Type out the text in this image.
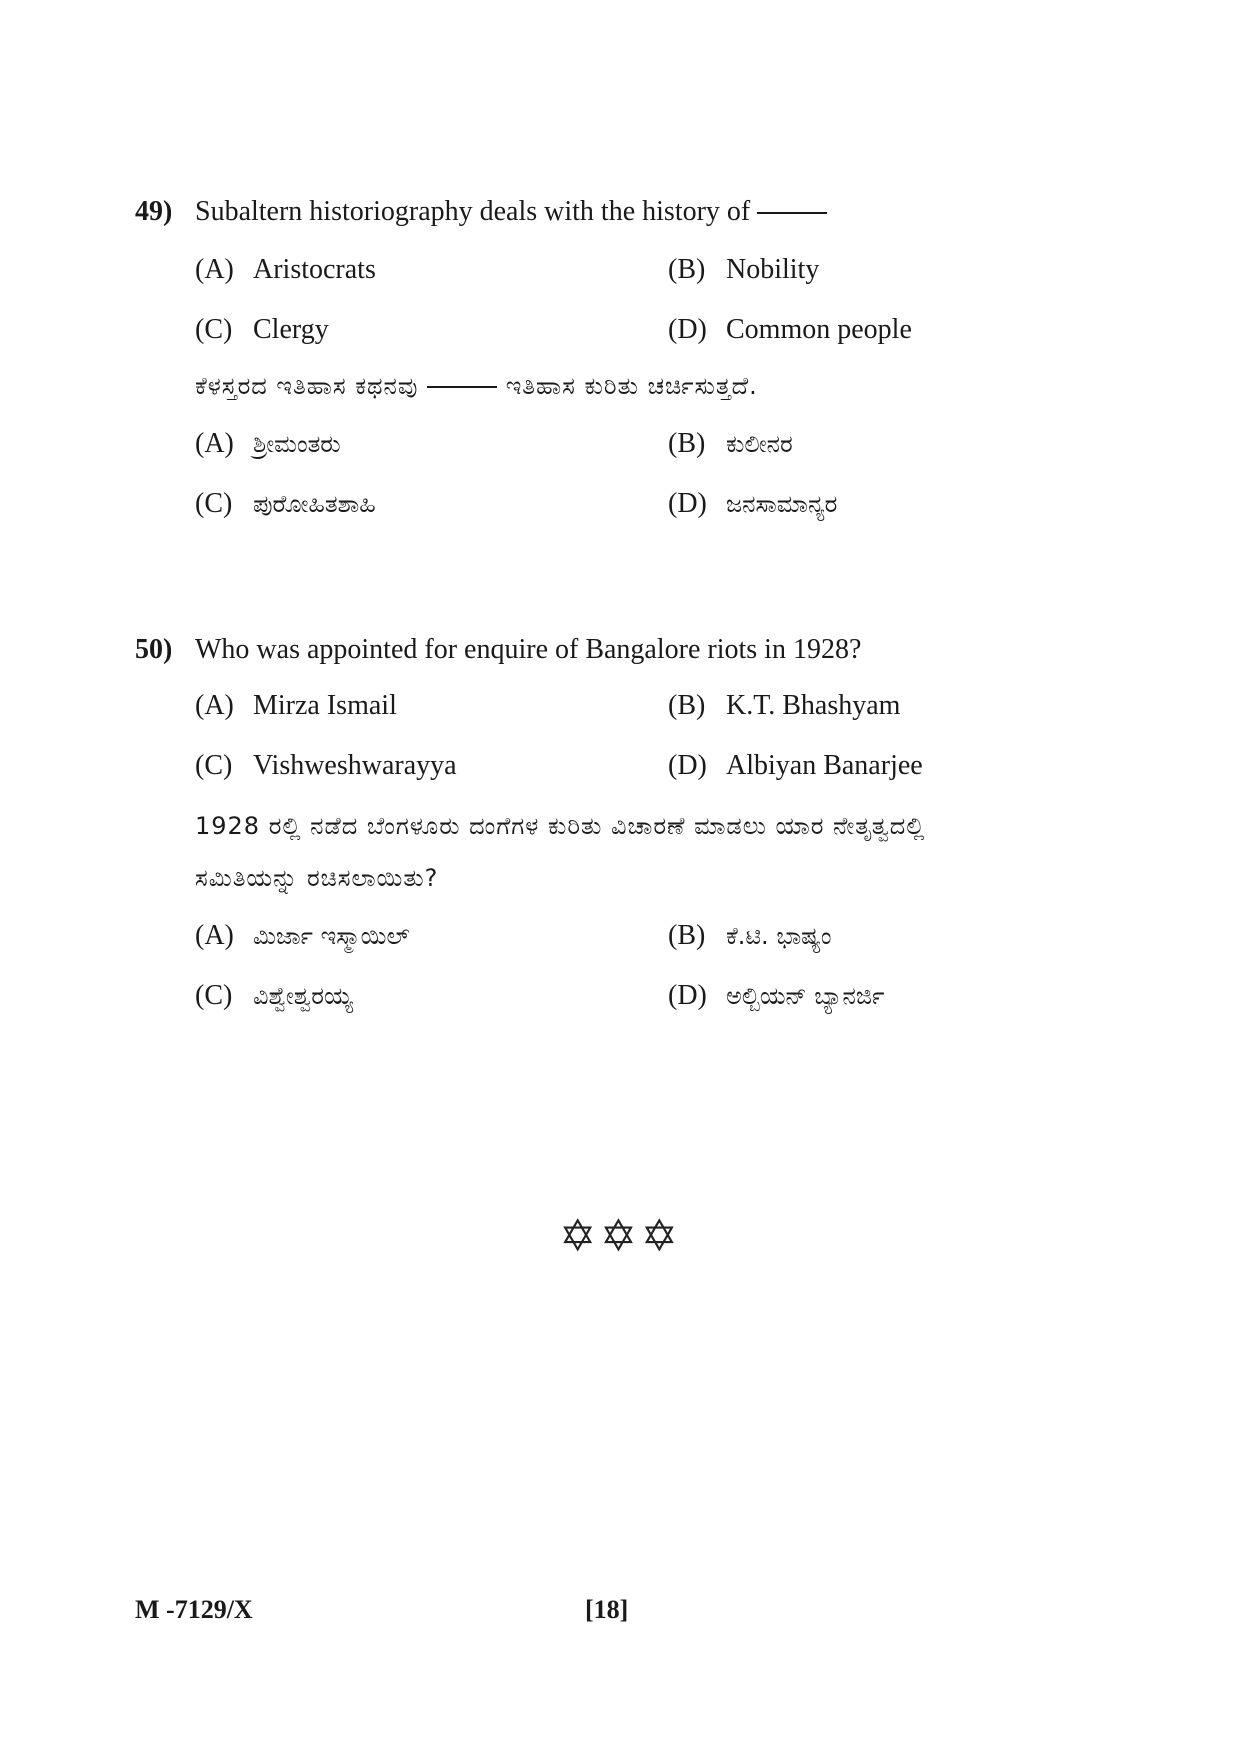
49) Subaltern historiography deals with the history of
(A) Aristocrats	(B) Nobility
(C) Clergy	(D) Common people
ಕೆಳಸ್ತರದ ಇತಿಹಾಸ ಕಥನವು	ಇತಿಹಾಸ ಕುರಿತು ಚರ್ಚಿಸುತ್ತದೆ.
(A) ಶ್ರೀಮಂತರು	(B) ಕುಲೀನರ
(C) ಪುರೋಹಿತಶಾಹಿ	(D) ಜನಸಾಮಾನ್ಯರ
50) Who was appointed for enquire of Bangalore riots in 1928?
(A) Mirza Ismail	(B) K.T. Bhashyam
(C) Vishweshwarayya	(D) Albiyan Banarjee
1928 ರಲ್ಲಿ ನಡೆದ ಬೆಂಗಳೂರು ದಂಗೆಗಳ ಕುರಿತು ವಿಚಾರಣೆ ಮಾಡಲು ಯಾರ ನೇತೃತ್ವದಲ್ಲಿ
ಸಮಿತಿಯನ್ನು ರಚಿಸಲಾಯಿತು?
(A) ಮಿರ್ಜಾ ಇಸ್ಮಾಯಿಲ್	(B) ಕೆ.ಟಿ. ಭಾಷ್ಯಂ
(C) ವಿಶ್ವೇಶ್ವರಯ್ಯ	(D) ಅಲ್ಬಿಯನ್ ಬ್ಯಾನರ್ಜಿ
✡✡✡
M -7129/X	[18]
